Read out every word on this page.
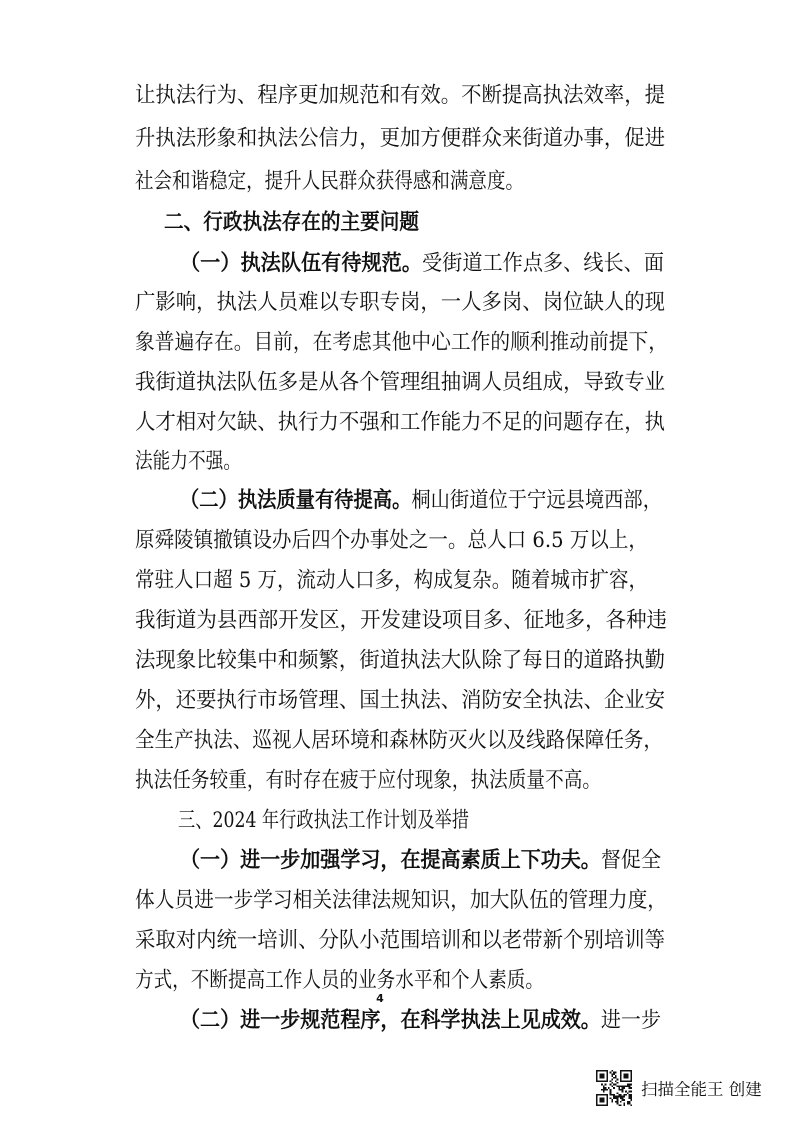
让执法行为、程序更加规范和有效。不断提高执法效率，提
升执法形象和执法公信力，更加方便群众来街道办事，促进
社会和谐稳定，提升人民群众获得感和满意度。
二、行政执法存在的主要问题
（一）执法队伍有待规范。受街道工作点多、线长、面
广影响，执法人员难以专职专岗，一人多岗、岗位缺人的现
象普遍存在。目前，在考虑其他中心工作的顺利推动前提下，
我街道执法队伍多是从各个管理组抽调人员组成，导致专业
人才相对欠缺、执行力不强和工作能力不足的问题存在，执
法能力不强。
（二）执法质量有待提高。桐山街道位于宁远县境西部，
原舜陵镇撤镇设办后四个办事处之一。总人口 6.5 万以上，
常驻人口超 5 万，流动人口多，构成复杂。随着城市扩容，
我街道为县西部开发区，开发建设项目多、征地多，各种违
法现象比较集中和频繁，街道执法大队除了每日的道路执勤
外，还要执行市场管理、国土执法、消防安全执法、企业安
全生产执法、巡视人居环境和森林防灭火以及线路保障任务，
执法任务较重，有时存在疲于应付现象，执法质量不高。
三、2024 年行政执法工作计划及举措
（一）进一步加强学习，在提高素质上下功夫。督促全
体人员进一步学习相关法律法规知识，加大队伍的管理力度，
采取对内统一培训、分队小范围培训和以老带新个别培训等
方式，不断提高工作人员的业务水平和个人素质。
（二）进一步规范程序，在科学执法上见成效。进一步
4
扫描全能王 创建
